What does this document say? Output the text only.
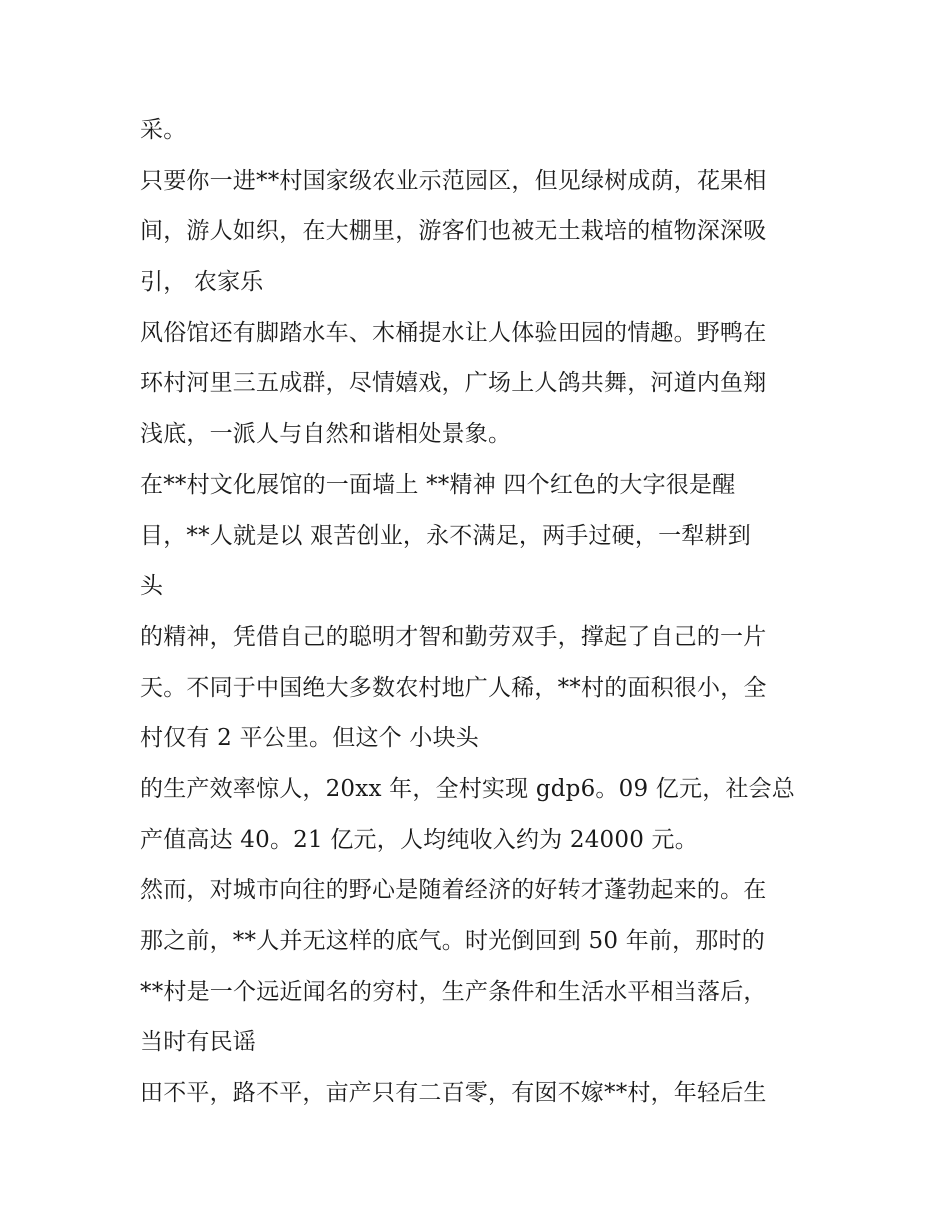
采。
只要你一进**村国家级农业示范园区，但见绿树成荫，花果相
间，游人如织，在大棚里，游客们也被无土栽培的植物深深吸
引， 农家乐
风俗馆还有脚踏水车、木桶提水让人体验田园的情趣。野鸭在
环村河里三五成群，尽情嬉戏，广场上人鸽共舞，河道内鱼翔
浅底，一派人与自然和谐相处景象。
在**村文化展馆的一面墙上 **精神 四个红色的大字很是醒
目，**人就是以 艰苦创业，永不满足，两手过硬，一犁耕到
头
的精神，凭借自己的聪明才智和勤劳双手，撑起了自己的一片
天。不同于中国绝大多数农村地广人稀，**村的面积很小，全
村仅有 2 平公里。但这个 小块头
的生产效率惊人，20xx 年，全村实现 gdp6。09 亿元，社会总
产值高达 40。21 亿元，人均纯收入约为 24000 元。
然而，对城市向往的野心是随着经济的好转才蓬勃起来的。在
那之前，**人并无这样的底气。时光倒回到 50 年前，那时的
**村是一个远近闻名的穷村，生产条件和生活水平相当落后，
当时有民谣
田不平，路不平，亩产只有二百零，有囡不嫁**村，年轻后生
